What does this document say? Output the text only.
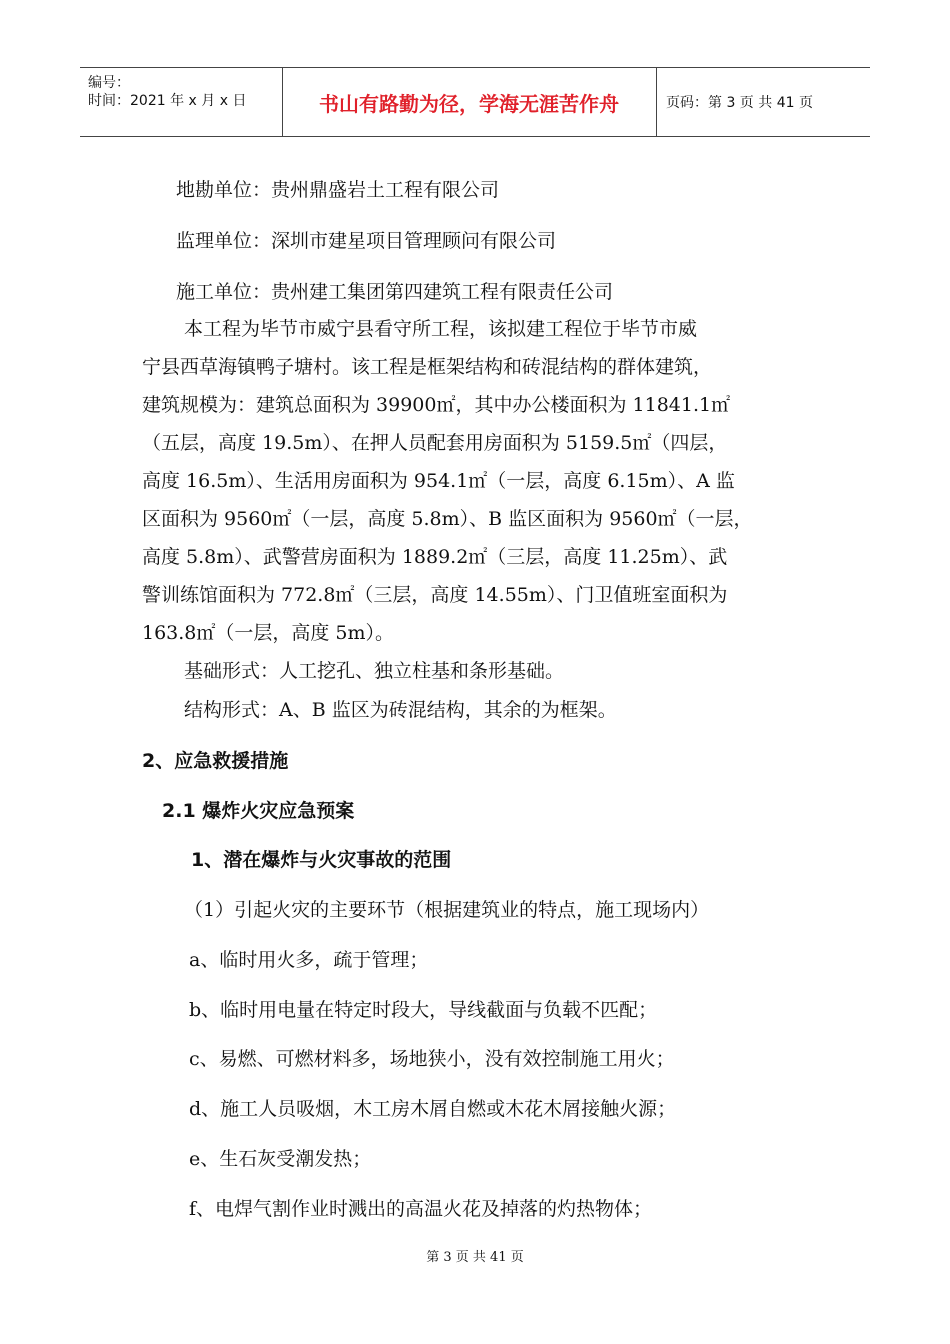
编号：
时间：2021 年 x 月 x 日	书山有路勤为径，学海无涯苦作舟	页码：第 3 页 共 41 页
地勘单位：贵州鼎盛岩土工程有限公司
监理单位：深圳市建星项目管理顾问有限公司
施工单位：贵州建工集团第四建筑工程有限责任公司
本工程为毕节市威宁县看守所工程，该拟建工程位于毕节市威
宁县西草海镇鸭子塘村。该工程是框架结构和砖混结构的群体建筑，
建筑规模为：建筑总面积为 39900㎡，其中办公楼面积为 11841.1㎡
（五层，高度 19.5m）、在押人员配套用房面积为 5159.5㎡（四层，
高度 16.5m）、生活用房面积为 954.1㎡（一层，高度 6.15m）、A 监
区面积为 9560㎡（一层，高度 5.8m）、B 监区面积为 9560㎡（一层，
高度 5.8m）、武警营房面积为 1889.2㎡（三层，高度 11.25m）、武
警训练馆面积为 772.8㎡（三层，高度 14.55m）、门卫值班室面积为
163.8㎡（一层，高度 5m）。
基础形式：人工挖孔、独立柱基和条形基础。
结构形式：A、B 监区为砖混结构，其余的为框架。
2、应急救援措施
2.1 爆炸火灾应急预案
1、潜在爆炸与火灾事故的范围
（1）引起火灾的主要环节（根据建筑业的特点，施工现场内）
a、临时用火多，疏于管理；
b、临时用电量在特定时段大，导线截面与负载不匹配；
c、易燃、可燃材料多，场地狭小，没有效控制施工用火；
d、施工人员吸烟，木工房木屑自燃或木花木屑接触火源；
e、生石灰受潮发热；
f、电焊气割作业时溅出的高温火花及掉落的灼热物体；
第 3 页 共 41 页
